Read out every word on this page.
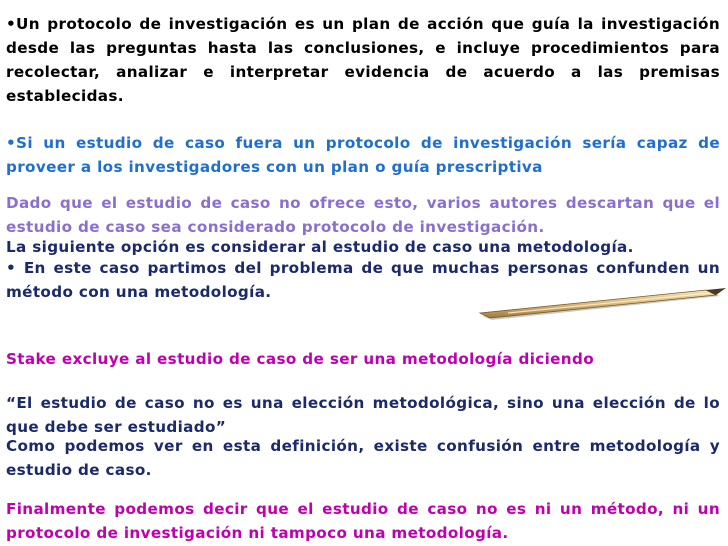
•Un protocolo de investigación es un plan de acción que guía la investigación desde las preguntas hasta las conclusiones, e incluye procedimientos para recolectar, analizar e interpretar evidencia de acuerdo a las premisas establecidas.
•Si un estudio de caso fuera un protocolo de investigación sería capaz de proveer a los investigadores con un plan o guía prescriptiva
Dado que el estudio de caso no ofrece esto, varios autores descartan que el estudio de caso sea considerado protocolo de investigación.
La siguiente opción es considerar al estudio de caso una metodología.
• En este caso partimos del problema de que muchas personas confunden un método con una metodología.
Stake excluye al estudio de caso de ser una metodología diciendo
“El estudio de caso no es una elección metodológica, sino una elección de lo que debe ser estudiado”
Como podemos ver en esta definición, existe confusión entre metodología y estudio de caso.
Finalmente podemos decir que el estudio de caso no es ni un método, ni un protocolo de investigación ni tampoco una metodología.
